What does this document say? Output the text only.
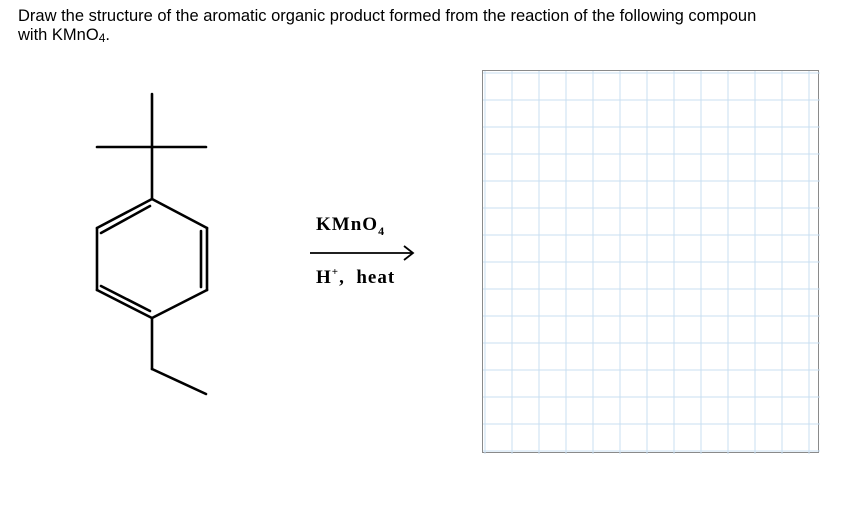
Draw the structure of the aromatic organic product formed from the reaction of the following compoun
with KMnO$_4$.
KMnO$_4$
H+,  heat
